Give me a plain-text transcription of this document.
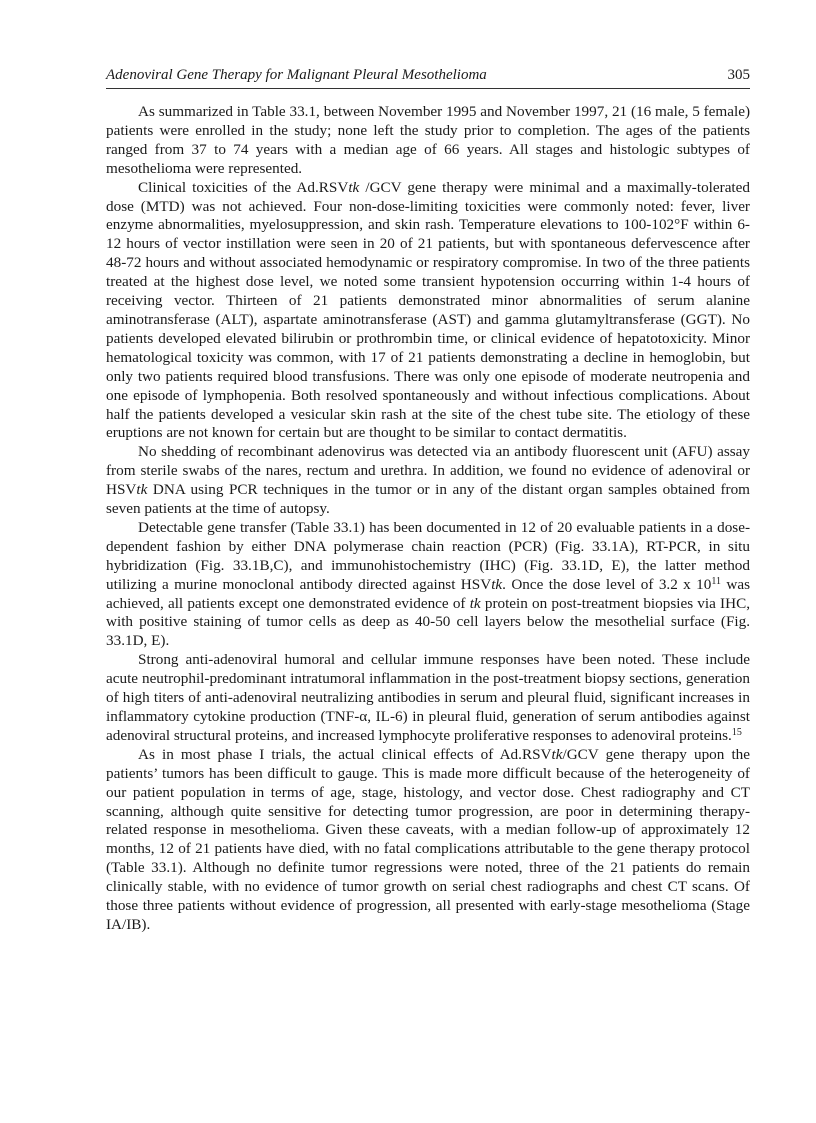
Adenoviral Gene Therapy for Malignant Pleural Mesothelioma	305

As summarized in Table 33.1, between November 1995 and November 1997, 21 (16 male, 5 female) patients were enrolled in the study; none left the study prior to completion. The ages of the patients ranged from 37 to 74 years with a median age of 66 years. All stages and histologic subtypes of mesothelioma were represented.

Clinical toxicities of the Ad.RSVtk /GCV gene therapy were minimal and a maximally-tolerated dose (MTD) was not achieved. Four non-dose-limiting toxicities were commonly noted: fever, liver enzyme abnormalities, myelosuppression, and skin rash. Temperature elevations to 100-102°F within 6-12 hours of vector instillation were seen in 20 of 21 patients, but with spontaneous defervescence after 48-72 hours and without associated hemodynamic or respiratory compromise. In two of the three patients treated at the highest dose level, we noted some transient hypotension occurring within 1-4 hours of receiving vector. Thirteen of 21 patients demonstrated minor abnormalities of serum alanine aminotransferase (ALT), aspartate aminotransferase (AST) and gamma glutamyltransferase (GGT). No patients developed elevated bilirubin or prothrombin time, or clinical evidence of hepatotoxicity. Minor hematological toxicity was common, with 17 of 21 patients demonstrating a decline in hemoglobin, but only two patients required blood transfusions. There was only one episode of moderate neutropenia and one episode of lymphopenia. Both resolved spontaneously and without infectious complications. About half the patients developed a vesicular skin rash at the site of the chest tube site. The etiology of these eruptions are not known for certain but are thought to be similar to contact dermatitis.

No shedding of recombinant adenovirus was detected via an antibody fluorescent unit (AFU) assay from sterile swabs of the nares, rectum and urethra. In addition, we found no evidence of adenoviral or HSVtk DNA using PCR techniques in the tumor or in any of the distant organ samples obtained from seven patients at the time of autopsy.

Detectable gene transfer (Table 33.1) has been documented in 12 of 20 evaluable patients in a dose-dependent fashion by either DNA polymerase chain reaction (PCR) (Fig. 33.1A), RT-PCR, in situ hybridization (Fig. 33.1B,C), and immunohistochemistry (IHC) (Fig. 33.1D, E), the latter method utilizing a murine monoclonal antibody directed against HSVtk. Once the dose level of 3.2 x $10^{11}$ was achieved, all patients except one demonstrated evidence of tk protein on post-treatment biopsies via IHC, with positive staining of tumor cells as deep as 40-50 cell layers below the mesothelial surface (Fig. 33.1D, E).

Strong anti-adenoviral humoral and cellular immune responses have been noted. These include acute neutrophil-predominant intratumoral inflammation in the post-treatment biopsy sections, generation of high titers of anti-adenoviral neutralizing antibodies in serum and pleural fluid, significant increases in inflammatory cytokine production (TNF-α, IL-6) in pleural fluid, generation of serum antibodies against adenoviral structural proteins, and increased lymphocyte proliferative responses to adenoviral proteins.$^{15}$

As in most phase I trials, the actual clinical effects of Ad.RSVtk/GCV gene therapy upon the patients’ tumors has been difficult to gauge. This is made more difficult because of the heterogeneity of our patient population in terms of age, stage, histology, and vector dose. Chest radiography and CT scanning, although quite sensitive for detecting tumor progression, are poor in determining therapy-related response in mesothelioma. Given these caveats, with a median follow-up of approximately 12 months, 12 of 21 patients have died, with no fatal complications attributable to the gene therapy protocol (Table 33.1). Although no definite tumor regressions were noted, three of the 21 patients do remain clinically stable, with no evidence of tumor growth on serial chest radiographs and chest CT scans. Of those three patients without evidence of progression, all presented with early-stage mesothelioma (Stage IA/IB).
